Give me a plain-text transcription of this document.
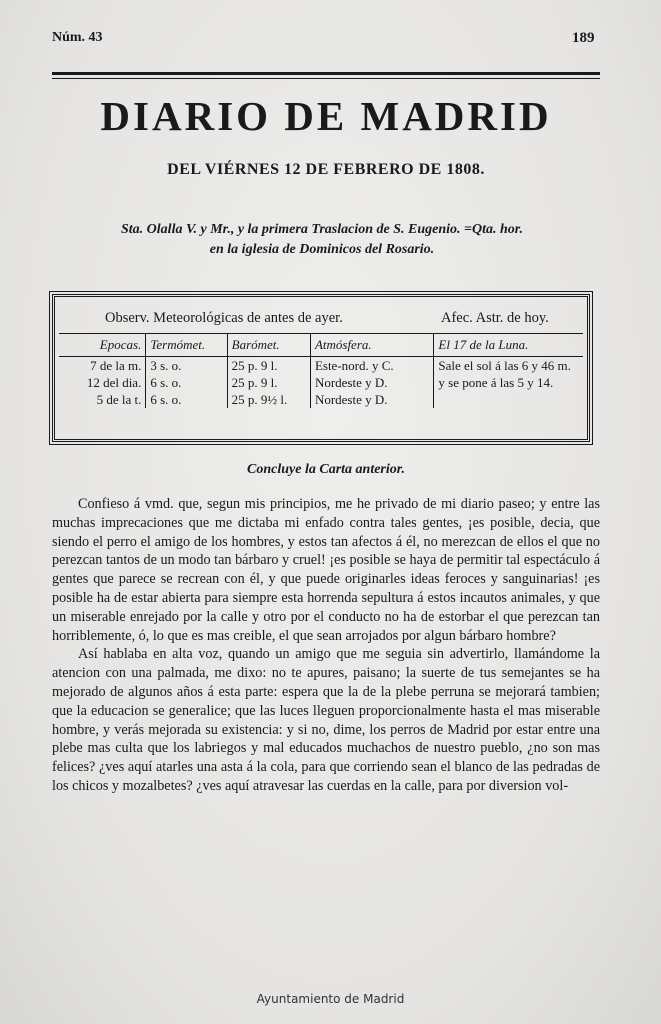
Núm. 43	189
DIARIO DE MADRID
DEL VIÉRNES 12 DE FEBRERO DE 1808.
Sta. Olalla V. y Mr., y la primera Traslacion de S. Eugenio. =Qta. hor.
en la iglesia de Dominicos del Rosario.
Observ. Meteorológicas de antes de ayer.	Afec. Astr. de hoy.
Epocas.	Termómet.	Barómet.	Atmósfera.	El 17 de la Luna.
7 de la m.	3 s. o.	25 p. 9 l.	Este-nord. y C.	Sale el sol á las 6 y 46 m. y se pone á las 5 y 14.
12 del dia.	6 s. o.	25 p. 9 l.	Nordeste y D.	
5 de la t.	6 s. o.	25 p. 9½ l.	Nordeste y D.	
Concluye la Carta anterior.

Confieso á vmd. que, segun mis principios, me he privado de mi diario paseo; y entre las muchas imprecaciones que me dictaba mi enfado contra tales gentes, ¡es posible, decia, que siendo el perro el amigo de los hombres, y estos tan afectos á él, no merezcan de ellos el que no perezcan tantos de un modo tan bárbaro y cruel! ¡es posible se haya de permitir tal espectáculo á gentes que parece se recrean con él, y que puede originarles ideas feroces y sanguinarias! ¡es posible ha de estar abierta para siempre esta horrenda sepultura á estos incautos animales, y que un miserable enrejado por la calle y otro por el conducto no ha de estorbar el que perezcan tan horriblemente, ó, lo que es mas creible, el que sean arrojados por algun bárbaro hombre?

Así hablaba en alta voz, quando un amigo que me seguia sin advertirlo, llamándome la atencion con una palmada, me dixo: no te apures, paisano; la suerte de tus semejantes se ha mejorado de algunos años á esta parte: espera que la de la plebe perruna se mejorará tambien; que la educacion se generalice; que las luces lleguen proporcionalmente hasta el mas miserable hombre, y verás mejorada su existencia: y si no, dime, los perros de Madrid por estar entre una plebe mas culta que los labriegos y mal educados muchachos de nuestro pueblo, ¿no son mas felices? ¿ves aquí atarles una asta á la cola, para que corriendo sean el blanco de las pedradas de los chicos y mozalbetes? ¿ves aquí atravesar las cuerdas en la calle, para por diversion vol-

Ayuntamiento de Madrid
